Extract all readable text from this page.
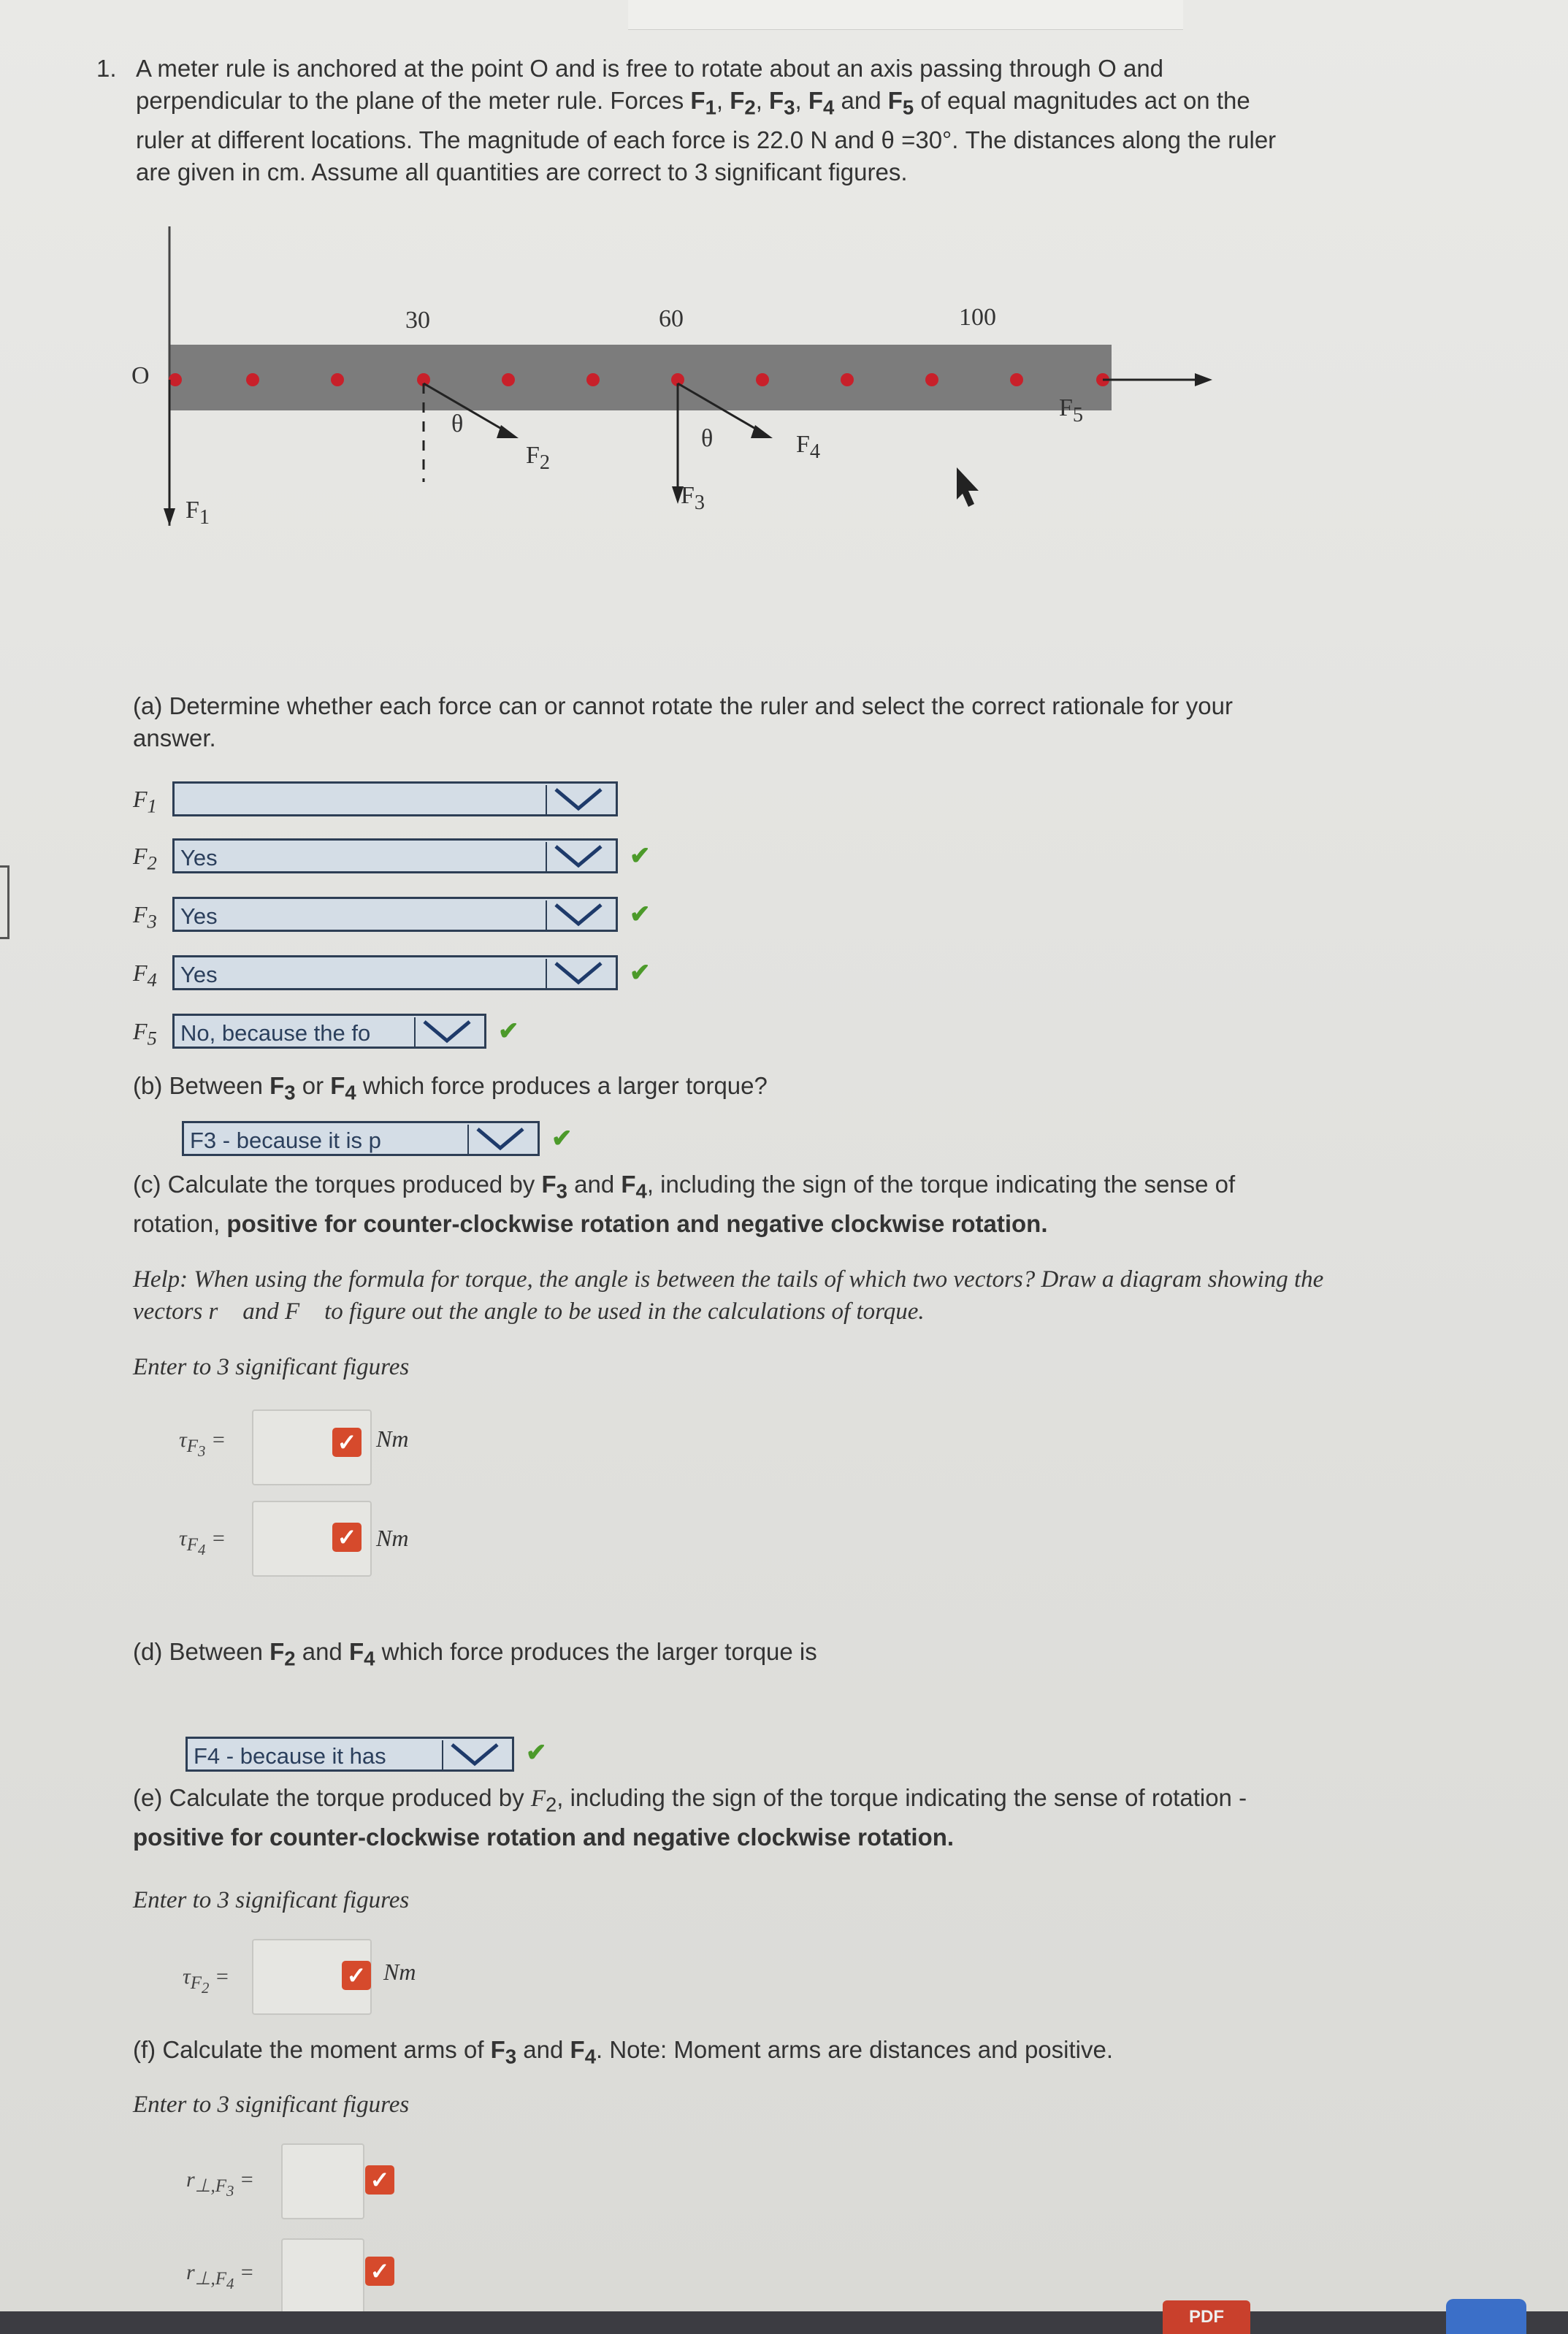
1. A meter rule is anchored at the point O and is free to rotate about an axis passing through O and perpendicular to the plane of the meter rule. Forces $F_1$, $F_2$, $F_3$, $F_4$ and $F_5$ of equal magnitudes act on the ruler at different locations. The magnitude of each force is 22.0 N and θ =30°. The distances along the ruler are given in cm. Assume all quantities are correct to 3 significant figures.
O
30	60	100
$F_1$
$F_2$
$F_3$
$F_4$
$F_5$
θ
θ
(a) Determine whether each force can or cannot rotate the ruler and select the correct rationale for your answer.
$F_1$
$F_2$	Yes	✔
$F_3$	Yes	✔
$F_4$	Yes	✔
$F_5$	No, because the fo	✔
(b) Between $F_3$ or $F_4$ which force produces a larger torque?
F3 - because it is p	✔
(c) Calculate the torques produced by $F_3$ and $F_4$, including the sign of the torque indicating the sense of rotation, positive for counter-clockwise rotation and negative clockwise rotation.
Help: When using the formula for torque, the angle is between the tails of which two vectors? Draw a diagram showing the vectors r⃗ and F⃗ to figure out the angle to be used in the calculations of torque.
Enter to 3 significant figures
$\tau_{F_3}$ =	✓ Nm
$\tau_{F_4}$ =	✓ Nm
(d) Between $F_2$ and $F_4$ which force produces the larger torque is
F4 - because it has	✔
(e) Calculate the torque produced by $F_2$, including the sign of the torque indicating the sense of rotation - positive for counter-clockwise rotation and negative clockwise rotation.
Enter to 3 significant figures
$\tau_{F_2}$ =	✓ Nm
(f) Calculate the moment arms of $F_3$ and $F_4$. Note: Moment arms are distances and positive.
Enter to 3 significant figures
$r_{\perp,F_3}$ =	✓
$r_{\perp,F_4}$ =	✓
PDF
